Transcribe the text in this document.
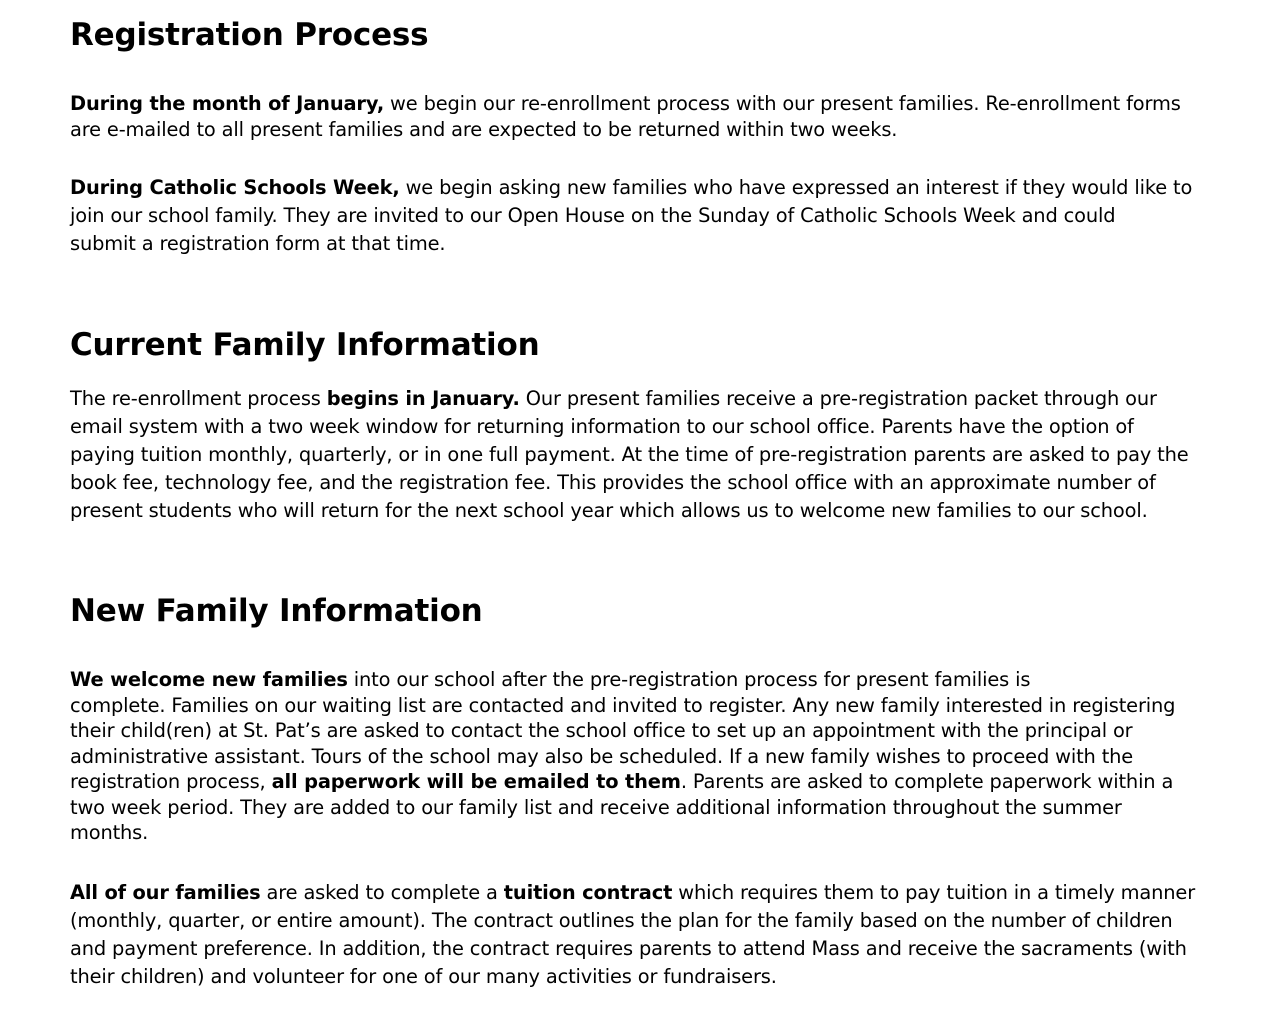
Registration Process

During the month of January, we begin our re-enrollment process with our present families. Re-enrollment forms
are e-mailed to all present families and are expected to be returned within two weeks.

During Catholic Schools Week, we begin asking new families who have expressed an interest if they would like to
join our school family. They are invited to our Open House on the Sunday of Catholic Schools Week and could
submit a registration form at that time.

Current Family Information

The re-enrollment process begins in January. Our present families receive a pre-registration packet through our
email system with a two week window for returning information to our school office. Parents have the option of
paying tuition monthly, quarterly, or in one full payment. At the time of pre-registration parents are asked to pay the
book fee, technology fee, and the registration fee. This provides the school office with an approximate number of
present students who will return for the next school year which allows us to welcome new families to our school.

New Family Information

We welcome new families into our school after the pre-registration process for present families is
complete. Families on our waiting list are contacted and invited to register. Any new family interested in registering
their child(ren) at St. Pat’s are asked to contact the school office to set up an appointment with the principal or
administrative assistant. Tours of the school may also be scheduled. If a new family wishes to proceed with the
registration process, all paperwork will be emailed to them. Parents are asked to complete paperwork within a
two week period. They are added to our family list and receive additional information throughout the summer
months.

All of our families are asked to complete a tuition contract which requires them to pay tuition in a timely manner
(monthly, quarter, or entire amount). The contract outlines the plan for the family based on the number of children
and payment preference. In addition, the contract requires parents to attend Mass and receive the sacraments (with
their children) and volunteer for one of our many activities or fundraisers.
